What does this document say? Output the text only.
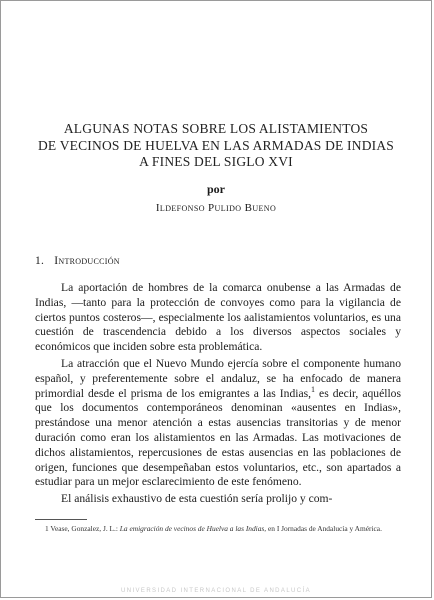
ALGUNAS NOTAS SOBRE LOS ALISTAMIENTOS
DE VECINOS DE HUELVA EN LAS ARMADAS DE INDIAS
A FINES DEL SIGLO XVI
por
Ildefonso Pulido Bueno
1. Introducción

La aportación de hombres de la comarca onubense a las Armadas de Indias, —tanto para la protección de convoyes como para la vigilancia de ciertos puntos costeros—, especialmente los aalistamientos voluntarios, es una cuestión de trascendencia debido a los diversos aspectos sociales y económicos que inciden sobre esta problemática.

La atracción que el Nuevo Mundo ejercía sobre el componente humano español, y preferentemente sobre el andaluz, se ha enfocado de manera primordial desde el prisma de los emigrantes a las Indias,$^1$ es decir, aquéllos que los documentos contemporáneos denominan «ausentes en Indias», prestándose una menor atención a estas ausencias transitorias y de menor duración como eran los alistamientos en las Armadas. Las motivaciones de dichos alistamientos, repercusiones de estas ausencias en las poblaciones de origen, funciones que desempeñaban estos voluntarios, etc., son apartados a estudiar para un mejor esclarecimiento de este fenómeno.

El análisis exhaustivo de esta cuestión sería prolijo y com-

1 Vease, Gonzalez, J. L.: La emigración de vecinos de Huelva a las Indias, en I Jornadas de Andalucía y América.
UNIVERSIDAD INTERNACIONAL DE ANDALUCÍA
